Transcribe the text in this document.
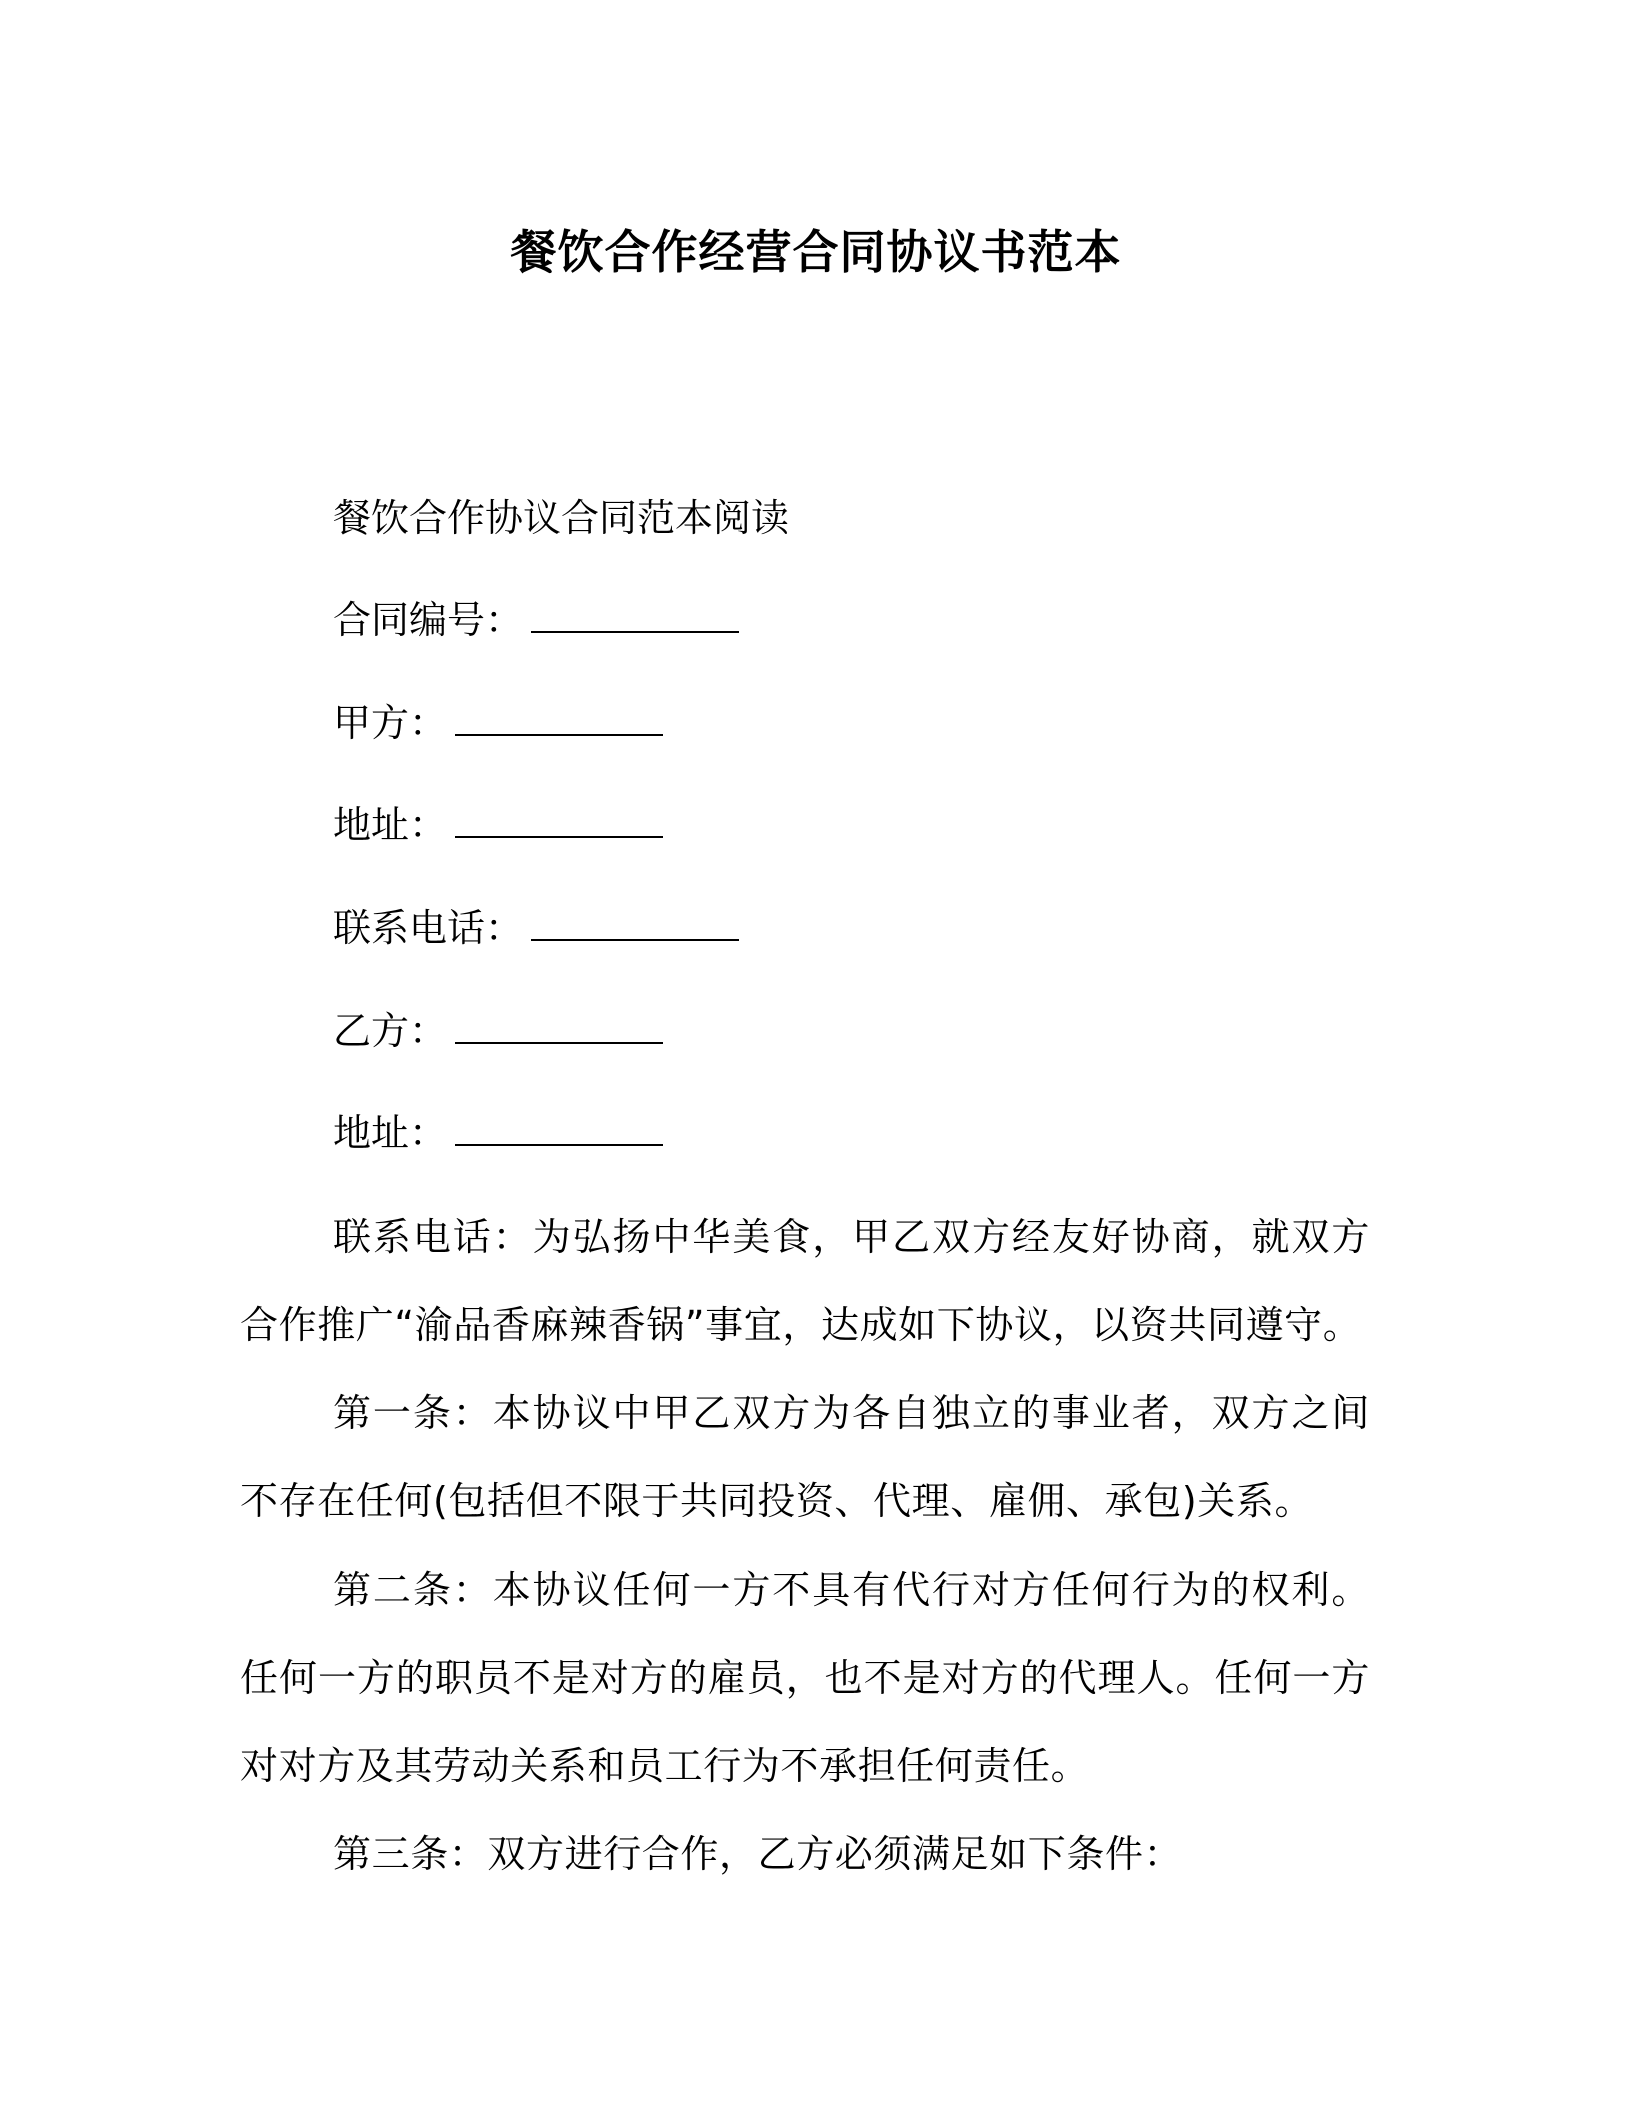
餐饮合作经营合同协议书范本
餐饮合作协议合同范本阅读
合同编号：
甲方：
地址：
联系电话：
乙方：
地址：
联系电话：为弘扬中华美食，甲乙双方经友好协商，就双方合作推广“渝品香麻辣香锅”事宜，达成如下协议，以资共同遵守。
第一条：本协议中甲乙双方为各自独立的事业者，双方之间不存在任何(包括但不限于共同投资、代理、雇佣、承包)关系。
第二条：本协议任何一方不具有代行对方任何行为的权利。任何一方的职员不是对方的雇员，也不是对方的代理人。任何一方对对方及其劳动关系和员工行为不承担任何责任。
第三条：双方进行合作，乙方必须满足如下条件：
